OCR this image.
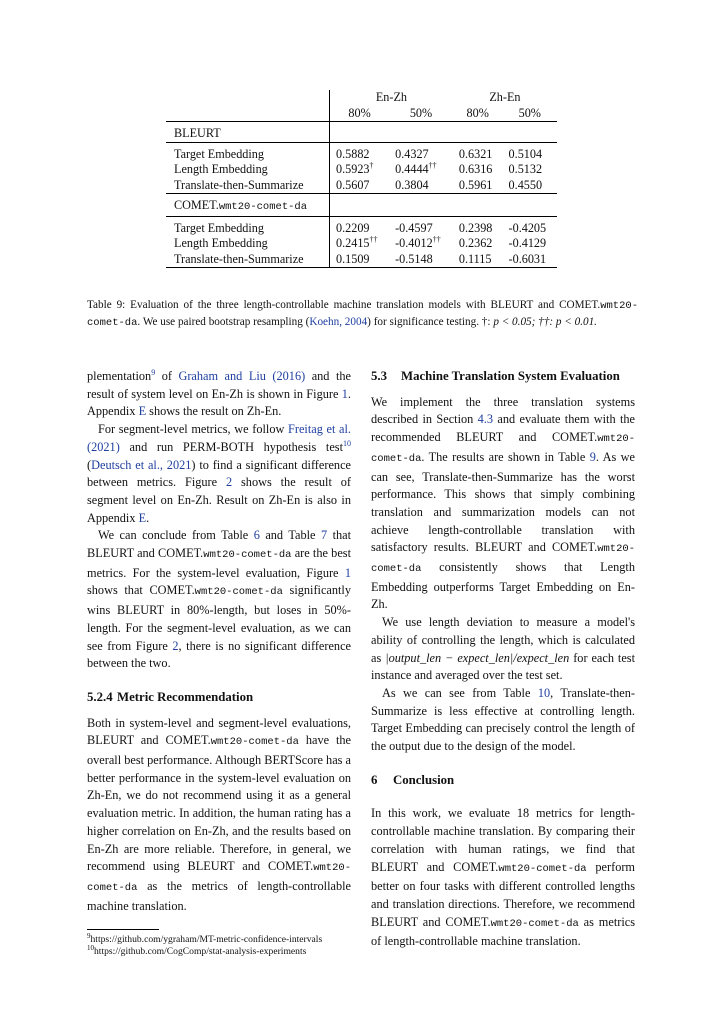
	En-Zh		Zh-En	
	80%	50%	80%	50%

BLEURT				

Target Embedding	0.5882	0.4327	0.6321	0.5104
Length Embedding	0.5923†	0.4444††	0.6316	0.5132
Translate-then-Summarize	0.5607	0.3804	0.5961	0.4550

COMET.wmt20-comet-da				

Target Embedding	0.2209	-0.4597	0.2398	-0.4205
Length Embedding	0.2415††	-0.4012††	0.2362	-0.4129
Translate-then-Summarize	0.1509	-0.5148	0.1115	-0.6031
Table 9: Evaluation of the three length-controllable machine translation models with BLEURT and COMET.wmt20-comet-da. We use paired bootstrap resampling (Koehn, 2004) for significance testing. †: p < 0.05; ††: p < 0.01.

plementation$^9$ of Graham and Liu (2016) and the result of system level on En-Zh is shown in Figure 1. Appendix E shows the result on Zh-En.

For segment-level metrics, we follow Freitag et al. (2021) and run PERM-BOTH hypothesis test$^{10}$ (Deutsch et al., 2021) to find a significant difference between metrics. Figure 2 shows the result of segment level on En-Zh. Result on Zh-En is also in Appendix E.

We can conclude from Table 6 and Table 7 that BLEURT and COMET.wmt20-comet-da are the best metrics. For the system-level evaluation, Figure 1 shows that COMET.wmt20-comet-da significantly wins BLEURT in 80%-length, but loses in 50%-length. For the segment-level evaluation, as we can see from Figure 2, there is no significant difference between the two.

5.2.4 Metric Recommendation

Both in system-level and segment-level evaluations, BLEURT and COMET.wmt20-comet-da have the overall best performance. Although BERTScore has a better performance in the system-level evaluation on Zh-En, we do not recommend using it as a general evaluation metric. In addition, the human rating has a higher correlation on En-Zh, and the results based on En-Zh are more reliable. Therefore, in general, we recommend using BLEURT and COMET.wmt20-comet-da as the metrics of length-controllable machine translation.

$^9$https://github.com/ygraham/MT-metric-confidence-intervals

$^{10}$https://github.com/CogComp/stat-analysis-experiments

5.3 Machine Translation System Evaluation

We implement the three translation systems described in Section 4.3 and evaluate them with the recommended BLEURT and COMET.wmt20-comet-da. The results are shown in Table 9. As we can see, Translate-then-Summarize has the worst performance. This shows that simply combining translation and summarization models can not achieve length-controllable translation with satisfactory results. BLEURT and COMET.wmt20-comet-da consistently shows that Length Embedding outperforms Target Embedding on En-Zh.

We use length deviation to measure a model's ability of controlling the length, which is calculated as |output_len − expect_len|/expect_len for each test instance and averaged over the test set.

As we can see from Table 10, Translate-then-Summarize is less effective at controlling length. Target Embedding can precisely control the length of the output due to the design of the model.

6 Conclusion

In this work, we evaluate 18 metrics for length-controllable machine translation. By comparing their correlation with human ratings, we find that BLEURT and COMET.wmt20-comet-da perform better on four tasks with different controlled lengths and translation directions. Therefore, we recommend BLEURT and COMET.wmt20-comet-da as metrics of length-controllable machine translation.
